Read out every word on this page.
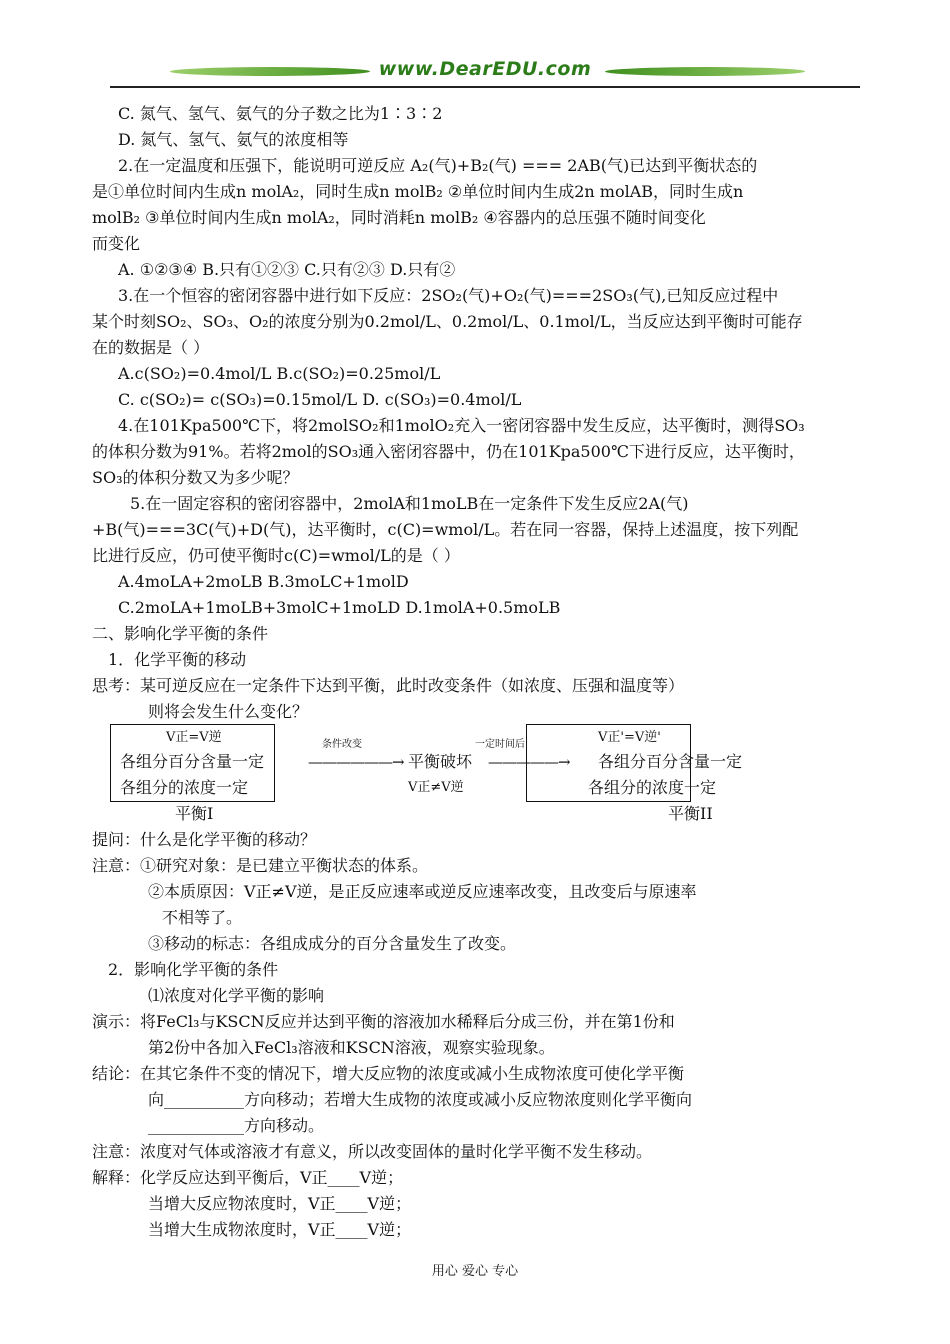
www.DearEDU.com
C. 氮气、氢气、氨气的分子数之比为1∶3∶2
D. 氮气、氢气、氨气的浓度相等
2.在一定温度和压强下，能说明可逆反应 A₂(气)+B₂(气) === 2AB(气)已达到平衡状态的
是①单位时间内生成n molA₂，同时生成n molB₂ ②单位时间内生成2n molAB，同时生成n
molB₂ ③单位时间内生成n molA₂，同时消耗n molB₂ ④容器内的总压强不随时间变化
而变化
A. ①②③④ B.只有①②③ C.只有②③ D.只有②
3.在一个恒容的密闭容器中进行如下反应：2SO₂(气)+O₂(气)===2SO₃(气),已知反应过程中
某个时刻SO₂、SO₃、O₂的浓度分别为0.2mol/L、0.2mol/L、0.1mol/L，当反应达到平衡时可能存
在的数据是（ ）
A.c(SO₂)=0.4mol/L B.c(SO₂)=0.25mol/L
C. c(SO₂)= c(SO₃)=0.15mol/L D. c(SO₃)=0.4mol/L
4.在101Kpa500℃下，将2molSO₂和1molO₂充入一密闭容器中发生反应，达平衡时，测得SO₃
的体积分数为91%。若将2mol的SO₃通入密闭容器中，仍在101Kpa500℃下进行反应，达平衡时，
SO₃的体积分数又为多少呢？
5.在一固定容积的密闭容器中，2molA和1moLB在一定条件下发生反应2A(气)
+B(气)===3C(气)+D(气)，达平衡时，c(C)=wmol/L。若在同一容器，保持上述温度，按下列配
比进行反应，仍可使平衡时c(C)=wmol/L的是（ ）
A.4moLA+2moLB B.3moLC+1molD
C.2moLA+1moLB+3molC+1moLD D.1molA+0.5moLB
二、影响化学平衡的条件
1．化学平衡的移动
思考：某可逆反应在一定条件下达到平衡，此时改变条件（如浓度、压强和温度等）
则将会发生什么变化？
V正=V逆
各组分百分含量一定
各组分的浓度一定
平衡I
条件改变
——————→ 平衡破坏
V正≠V逆
一定时间后
—————→
V正'=V逆'
各组分百分含量一定
各组分的浓度一定
平衡II
提问：什么是化学平衡的移动？
注意：①研究对象：是已建立平衡状态的体系。
②本质原因：V正≠V逆，是正反应速率或逆反应速率改变，且改变后与原速率
不相等了。
③移动的标志：各组成成分的百分含量发生了改变。
2．影响化学平衡的条件
⑴浓度对化学平衡的影响
演示：将FeCl₃与KSCN反应并达到平衡的溶液加水稀释后分成三份，并在第1份和
第2份中各加入FeCl₃溶液和KSCN溶液，观察实验现象。
结论：在其它条件不变的情况下，增大反应物的浓度或减小生成物浓度可使化学平衡
向__________方向移动；若增大生成物的浓度或减小反应物浓度则化学平衡向
____________方向移动。
注意：浓度对气体或溶液才有意义，所以改变固体的量时化学平衡不发生移动。
解释：化学反应达到平衡后，V正____V逆；
当增大反应物浓度时，V正____V逆；
当增大生成物浓度时，V正____V逆；
用心 爱心 专心
